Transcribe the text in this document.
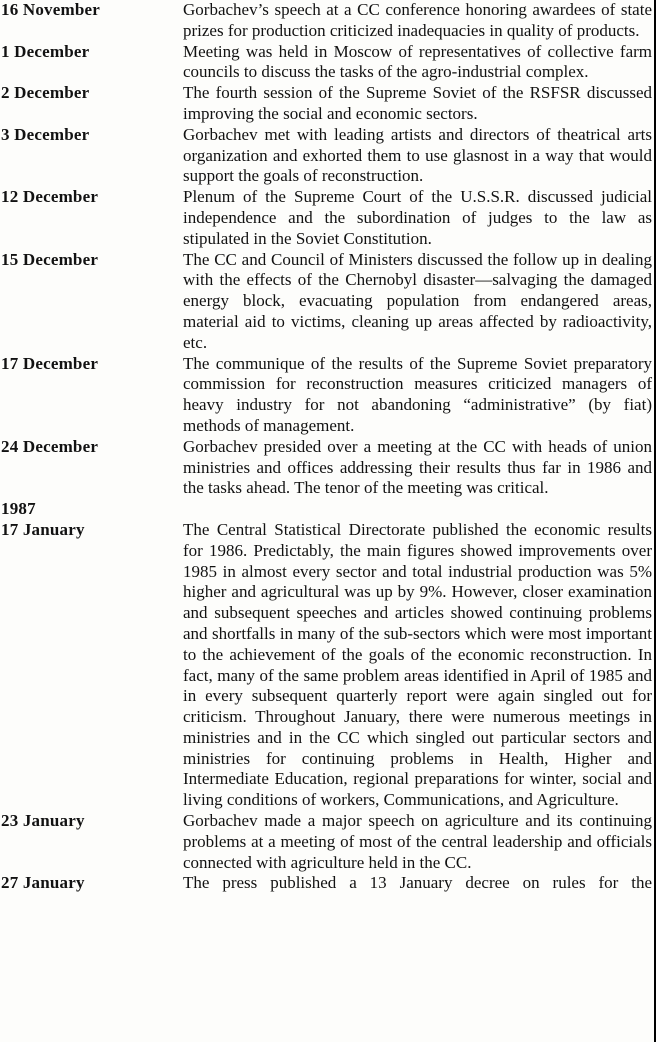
16 November	Gorbachev’s speech at a CC conference honoring awardees of state prizes for production criticized inadequacies in quality of products.
1 December	Meeting was held in Moscow of representatives of collective farm councils to discuss the tasks of the agro-industrial complex.
2 December	The fourth session of the Supreme Soviet of the RSFSR discussed improving the social and economic sectors.
3 December	Gorbachev met with leading artists and directors of theatrical arts organization and exhorted them to use glasnost in a way that would support the goals of reconstruction.
12 December	Plenum of the Supreme Court of the U.S.S.R. discussed judicial independence and the subordination of judges to the law as stipulated in the Soviet Constitution.
15 December	The CC and Council of Ministers discussed the follow up in dealing with the effects of the Chernobyl disaster—salvaging the damaged energy block, evacuating population from endangered areas, material aid to victims, cleaning up areas affected by radioactivity, etc.
17 December	The communique of the results of the Supreme Soviet preparatory commission for reconstruction measures criticized managers of heavy industry for not abandoning “administrative” (by fiat) methods of management.
24 December	Gorbachev presided over a meeting at the CC with heads of union ministries and offices addressing their results thus far in 1986 and the tasks ahead. The tenor of the meeting was critical.
1987
17 January	The Central Statistical Directorate published the economic results for 1986. Predictably, the main figures showed improvements over 1985 in almost every sector and total industrial production was 5% higher and agricultural was up by 9%. However, closer examination and subsequent speeches and articles showed continuing problems and shortfalls in many of the sub-sectors which were most important to the achievement of the goals of the economic reconstruction. In fact, many of the same problem areas identified in April of 1985 and in every subsequent quarterly report were again singled out for criticism. Throughout January, there were numerous meetings in ministries and in the CC which singled out particular sectors and ministries for continuing problems in Health, Higher and Intermediate Education, regional preparations for winter, social and living conditions of workers, Communications, and Agriculture.
23 January	Gorbachev made a major speech on agriculture and its continuing problems at a meeting of most of the central leadership and officials connected with agriculture held in the CC.
27 January	The press published a 13 January decree on rules for the
